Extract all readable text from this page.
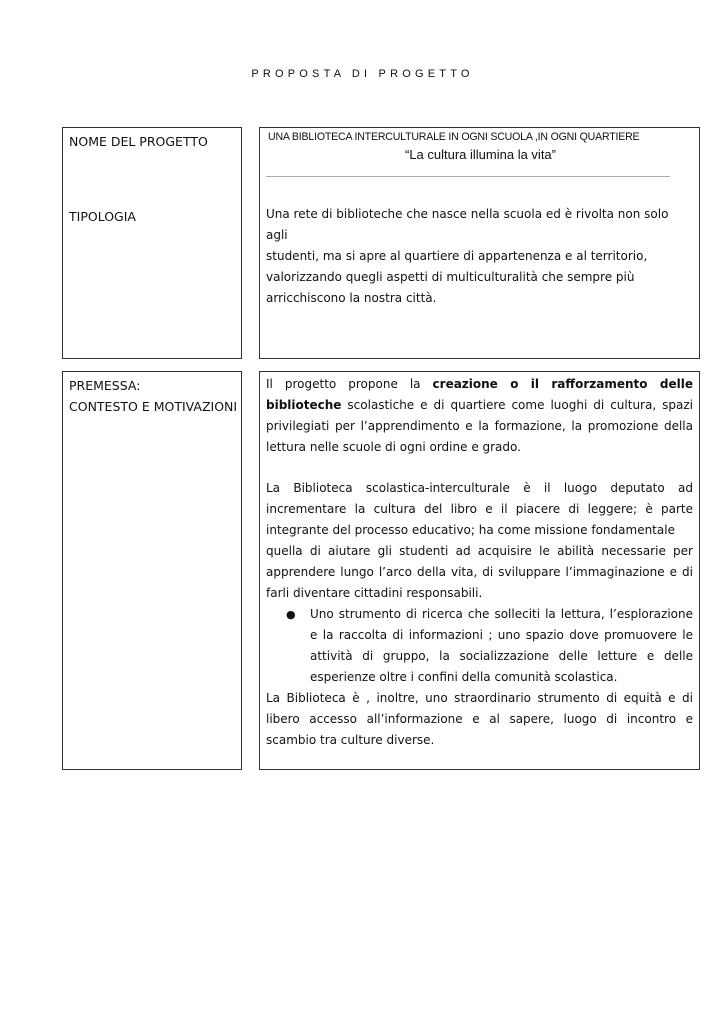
PROPOSTA DI PROGETTO
NOME DEL PROGETTO
TIPOLOGIA
UNA BIBLIOTECA INTERCULTURALE IN OGNI SCUOLA ,IN OGNI QUARTIERE
“La cultura illumina la vita”
Una rete di biblioteche che nasce nella scuola ed è rivolta non solo agli
studenti, ma si apre al quartiere di appartenenza e al territorio,
valorizzando quegli aspetti di multiculturalità che sempre più
arricchiscono la nostra città.
PREMESSA:
CONTESTO E MOTIVAZIONI

Il progetto propone la creazione o il rafforzamento delle biblioteche scolastiche e di quartiere come luoghi di cultura, spazi privilegiati per l’apprendimento e la formazione, la promozione della lettura nelle scuole di ogni ordine e grado.

La Biblioteca scolastica-interculturale è il luogo deputato ad incrementare la cultura del libro e il piacere di leggere; è parte integrante del processo educativo; ha come missione fondamentale

quella di aiutare gli studenti ad acquisire le abilità necessarie per apprendere lungo l’arco della vita, di sviluppare l’immaginazione e di farli diventare cittadini responsabili.

●	Uno strumento di ricerca che solleciti la lettura, l’esplorazione e la raccolta di informazioni ; uno spazio dove promuovere le attività di gruppo, la socializzazione delle letture e delle esperienze oltre i confini della comunità scolastica.

La Biblioteca è , inoltre, uno straordinario strumento di equità e di libero accesso all’informazione e al sapere, luogo di incontro e scambio tra culture diverse.
